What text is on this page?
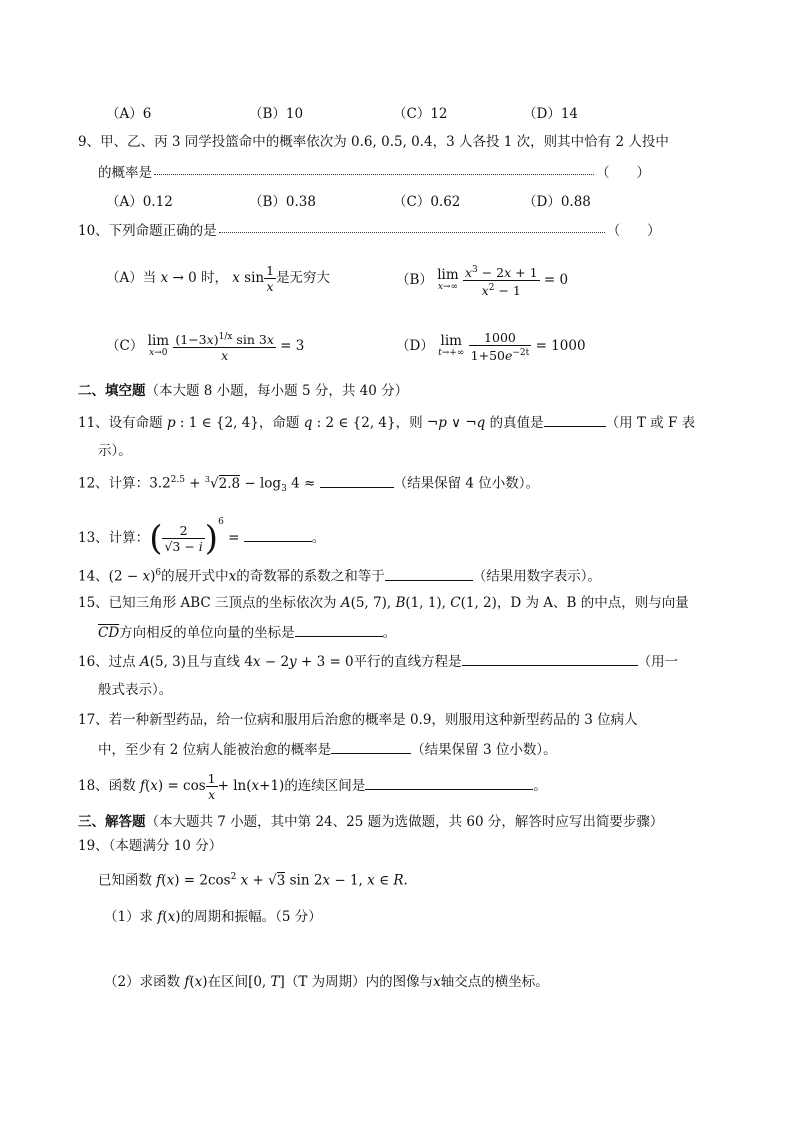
（A）6	（B）10	（C）12	（D）14
9、甲、乙、丙 3 同学投篮命中的概率依次为 0.6, 0.5, 0.4，3 人各投 1 次，则其中恰有 2 人投中
的概率是	（　　）
（A）0.12	（B）0.38	（C）0.62	（D）0.88
10、下列命题正确的是	（　　）
（A）当 x → 0 时， x $\sin \frac{1}{x}$ 是无穷大	（B） lim
x→∞
$\frac{x^3 - 2x + 1}{x^2 - 1} = 0$
（C） lim
x→0
$\frac{(1-3x)^{1/x} \sin 3x}{x} = 3$	（D） lim
t→+∞
$\frac{1000}{1+50e^{-2t}} = 1000$
二、填空题（本大题 8 小题，每小题 5 分，共 40 分）
11、设有命题 p : 1 ∈ {2, 4}，命题 q : 2 ∈ {2, 4}，则 ¬p ∨ ¬q 的真值是	（用 T 或 F 表
示）。
12、计算：$3.2^{2.5} + ^3√2.8 - \log_3 4$ ≈	（结果保留 4 位小数）。
13、计算：( $\frac{2}{√3 - i} )^6$ =	。
14、$(2 - x)^6$的展开式中x的奇数幂的系数之和等于	（结果用数字表示）。
15、已知三角形 ABC 三顶点的坐标依次为 A(5, 7), B(1, 1), C(1, 2)，D 为 A、B 的中点，则与向量
$\overline{CD}$方向相反的单位向量的坐标是	。
16、过点 A(5, 3)且与直线 4x − 2y + 3 = 0平行的直线方程是	（用一
般式表示）。
17、若一种新型药品，给一位病和服用后治愈的概率是 0.9，则服用这种新型药品的 3 位病人
中，至少有 2 位病人能被治愈的概率是	（结果保留 3 位小数）。
18、函数 $f(x) = \cos \frac{1}{x} + \ln(x+1)$的连续区间是	。
三、解答题（本大题共 7 小题，其中第 24、25 题为选做题，共 60 分，解答时应写出简要步骤）
19、（本题满分 10 分）
已知函数 $f(x) = 2\cos^2$ x + √3 sin 2x − 1, x ∈ R.
（1）求 f(x)的周期和振幅。（5 分）
（2）求函数 f(x)在区间[0, T]（T 为周期）内的图像与x轴交点的横坐标。
